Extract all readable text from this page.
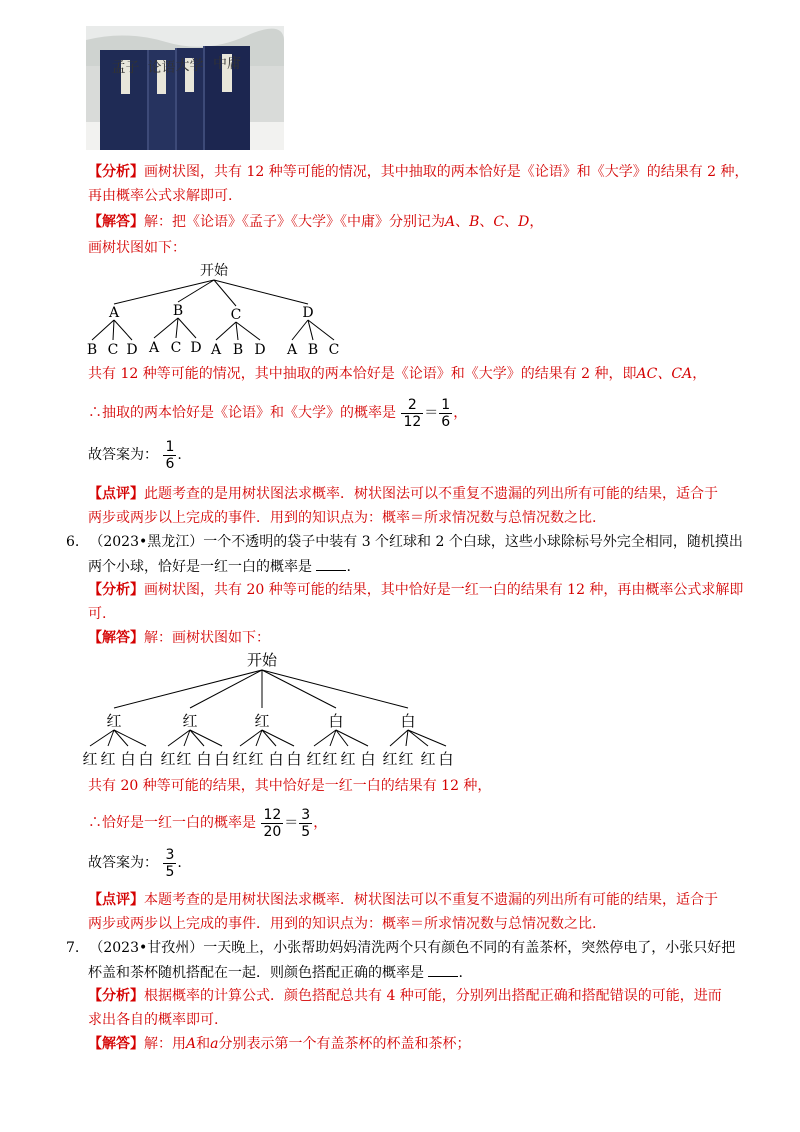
孟子 论语 大学 中庸
【分析】画树状图，共有 12 种等可能的情况，其中抽取的两本恰好是《论语》和《大学》的结果有 2 种，
再由概率公式求解即可.
【解答】解：把《论语》《孟子》《大学》《中庸》分别记为A、B、C、D，
画树状图如下：
开始
A	B	C	D
B C D A C D A B D A B C
共有 12 种等可能的情况，其中抽取的两本恰好是《论语》和《大学》的结果有 2 种，即AC、CA，
∴抽取的两本恰好是《论语》和《大学》的概率是 $\frac{2}{12} = \frac{1}{6}$ ，
故答案为： $\frac{1}{6}$ .
【点评】此题考查的是用树状图法求概率．树状图法可以不重复不遗漏的列出所有可能的结果，适合于
两步或两步以上完成的事件．用到的知识点为：概率＝所求情况数与总情况数之比.
6. （2023•黑龙江）一个不透明的袋子中装有 3 个红球和 2 个白球，这些小球除标号外完全相同，随机摸出
两个小球，恰好是一红一白的概率是 .
【分析】画树状图，共有 20 种等可能的结果，其中恰好是一红一白的结果有 12 种，再由概率公式求解即
可.
【解答】解：画树状图如下：
开始
红	红	红	白	白
红 红 白 白 红 红 白 白 红 红 白 白 红 红 红 白 红 红 红 白
共有 20 种等可能的结果，其中恰好是一红一白的结果有 12 种，
∴恰好是一红一白的概率是 $\frac{12}{20} = \frac{3}{5}$ ，
故答案为： $\frac{3}{5}$ .
【点评】本题考查的是用树状图法求概率．树状图法可以不重复不遗漏的列出所有可能的结果，适合于
两步或两步以上完成的事件．用到的知识点为：概率＝所求情况数与总情况数之比.
7. （2023•甘孜州）一天晚上，小张帮助妈妈清洗两个只有颜色不同的有盖茶杯，突然停电了，小张只好把
杯盖和茶杯随机搭配在一起．则颜色搭配正确的概率是 .
【分析】根据概率的计算公式．颜色搭配总共有 4 种可能，分别列出搭配正确和搭配错误的可能，进而
求出各自的概率即可.
【解答】解：用A和a分别表示第一个有盖茶杯的杯盖和茶杯；
